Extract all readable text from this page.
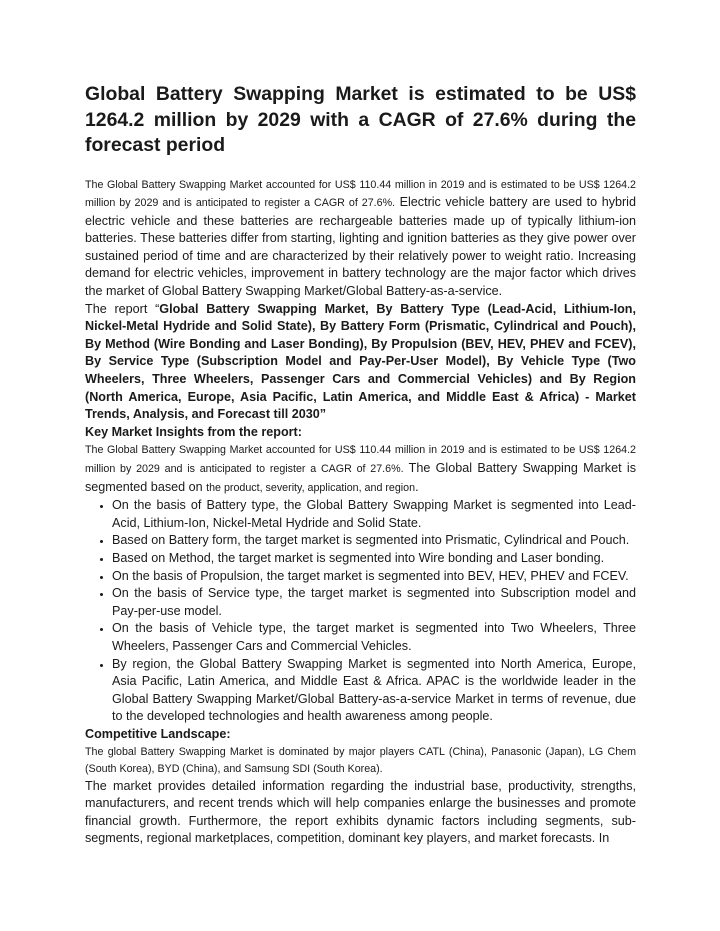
Global Battery Swapping Market is estimated to be US$ 1264.2 million by 2029 with a CAGR of 27.6% during the forecast period

The Global Battery Swapping Market accounted for US$ 110.44 million in 2019 and is estimated to be US$ 1264.2 million by 2029 and is anticipated to register a CAGR of 27.6%. Electric vehicle battery are used to hybrid electric vehicle and these batteries are rechargeable batteries made up of typically lithium-ion batteries. These batteries differ from starting, lighting and ignition batteries as they give power over sustained period of time and are characterized by their relatively power to weight ratio. Increasing demand for electric vehicles, improvement in battery technology are the major factor which drives the market of Global Battery Swapping Market/Global Battery-as-a-service.

The report “Global Battery Swapping Market, By Battery Type (Lead-Acid, Lithium-Ion, Nickel-Metal Hydride and Solid State), By Battery Form (Prismatic, Cylindrical and Pouch), By Method (Wire Bonding and Laser Bonding), By Propulsion (BEV, HEV, PHEV and FCEV), By Service Type (Subscription Model and Pay-Per-User Model), By Vehicle Type (Two Wheelers, Three Wheelers, Passenger Cars and Commercial Vehicles) and By Region (North America, Europe, Asia Pacific, Latin America, and Middle East & Africa) - Market Trends, Analysis, and Forecast till 2030”

Key Market Insights from the report:

The Global Battery Swapping Market accounted for US$ 110.44 million in 2019 and is estimated to be US$ 1264.2 million by 2029 and is anticipated to register a CAGR of 27.6%. The Global Battery Swapping Market is segmented based on the product, severity, application, and region.

• On the basis of Battery type, the Global Battery Swapping Market is segmented into Lead-Acid, Lithium-Ion, Nickel-Metal Hydride and Solid State.
• Based on Battery form, the target market is segmented into Prismatic, Cylindrical and Pouch.
• Based on Method, the target market is segmented into Wire bonding and Laser bonding.
• On the basis of Propulsion, the target market is segmented into BEV, HEV, PHEV and FCEV.
• On the basis of Service type, the target market is segmented into Subscription model and Pay-per-use model.
• On the basis of Vehicle type, the target market is segmented into Two Wheelers, Three Wheelers, Passenger Cars and Commercial Vehicles.
• By region, the Global Battery Swapping Market is segmented into North America, Europe, Asia Pacific, Latin America, and Middle East & Africa. APAC is the worldwide leader in the Global Battery Swapping Market/Global Battery-as-a-service Market in terms of revenue, due to the developed technologies and health awareness among people.

Competitive Landscape:

The global Battery Swapping Market is dominated by major players CATL (China), Panasonic (Japan), LG Chem (South Korea), BYD (China), and Samsung SDI (South Korea).

The market provides detailed information regarding the industrial base, productivity, strengths, manufacturers, and recent trends which will help companies enlarge the businesses and promote financial growth. Furthermore, the report exhibits dynamic factors including segments, sub-segments, regional marketplaces, competition, dominant key players, and market forecasts. In
